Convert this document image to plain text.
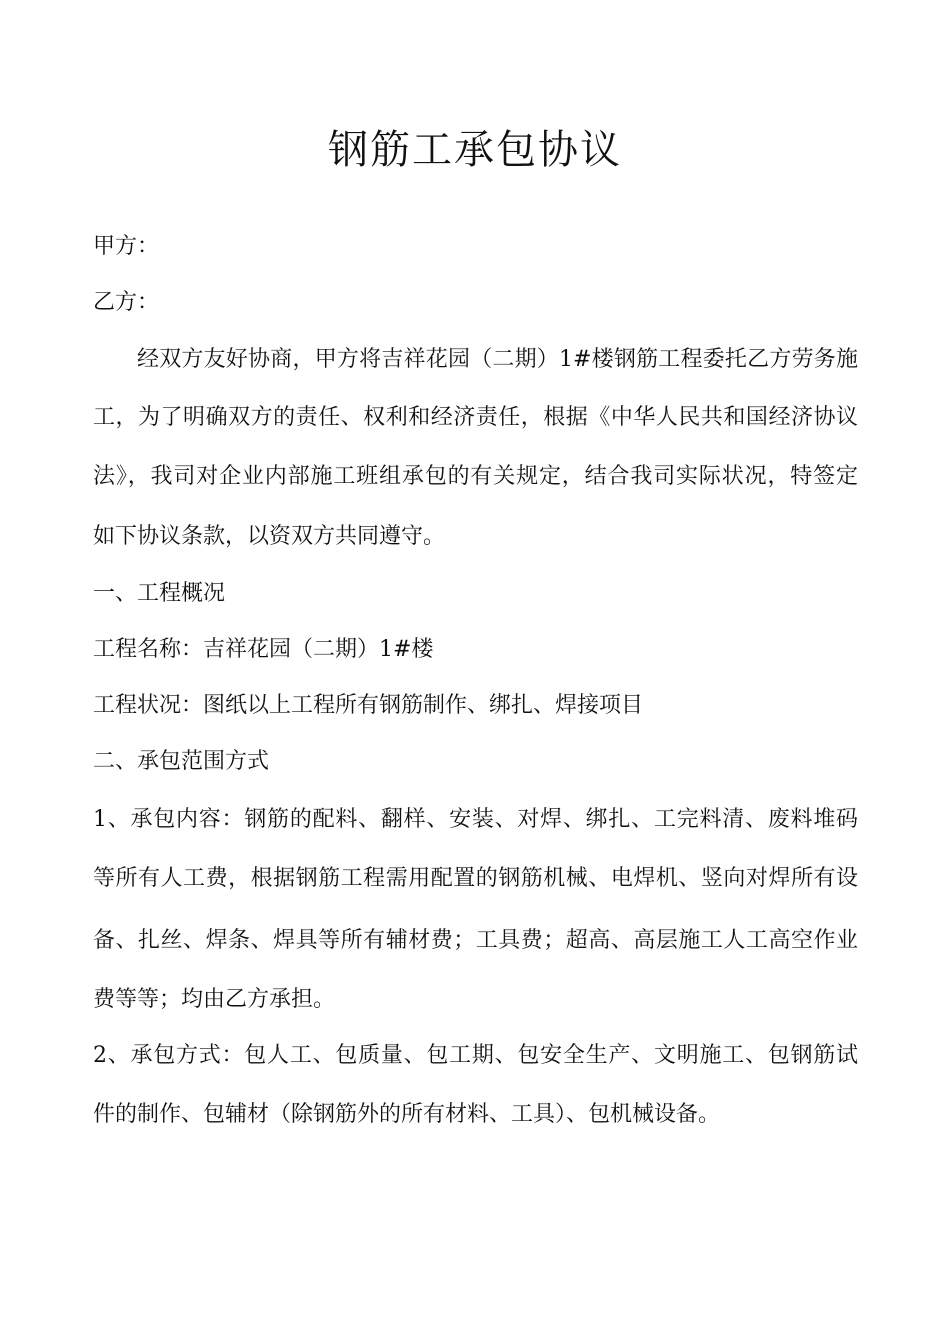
钢筋工承包协议

甲方：

乙方：

经双方友好协商，甲方将吉祥花园（二期）1#楼钢筋工程委托乙方劳务施

工，为了明确双方的责任、权利和经济责任，根据《中华人民共和国经济协议

法》，我司对企业内部施工班组承包的有关规定，结合我司实际状况，特签定

如下协议条款，以资双方共同遵守。

一、工程概况

工程名称：吉祥花园（二期）1#楼

工程状况：图纸以上工程所有钢筋制作、绑扎、焊接项目

二、承包范围方式

1、承包内容：钢筋的配料、翻样、安装、对焊、绑扎、工完料清、废料堆码

等所有人工费，根据钢筋工程需用配置的钢筋机械、电焊机、竖向对焊所有设

备、扎丝、焊条、焊具等所有辅材费；工具费；超高、高层施工人工高空作业

费等等；均由乙方承担。

2、承包方式：包人工、包质量、包工期、包安全生产、文明施工、包钢筋试

件的制作、包辅材（除钢筋外的所有材料、工具）、包机械设备。
